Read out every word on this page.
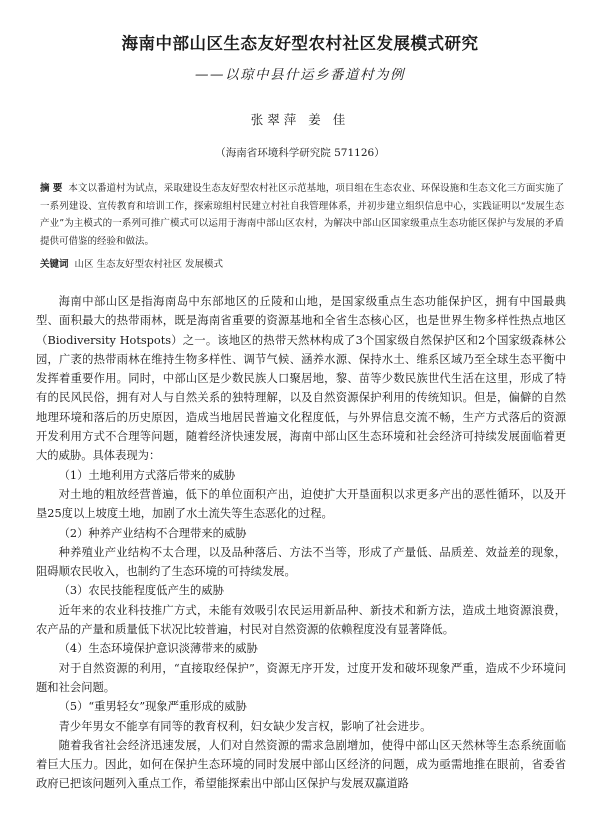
海南中部山区生态友好型农村社区发展模式研究
——以琼中县什运乡番道村为例
张翠萍 姜 佳
（海南省环境科学研究院 571126）
摘 要 本文以番道村为试点，采取建设生态友好型农村社区示范基地，项目组在生态农业、环保设施和生态文化三方面实施了一系列建设、宣传教育和培训工作，探索琼组村民建立村社自我管理体系，并初步建立组织信息中心，实践证明以“发展生态产业”为主模式的一系列可推广模式可以运用于海南中部山区农村，为解决中部山区国家级重点生态功能区保护与发展的矛盾提供可借鉴的经验和做法。
关键词 山区 生态友好型农村社区 发展模式

海南中部山区是指海南岛中东部地区的丘陵和山地，是国家级重点生态功能保护区，拥有中国最典型、面积最大的热带雨林，既是海南省重要的资源基地和全省生态核心区，也是世界生物多样性热点地区（Biodiversity Hotspots）之一。该地区的热带天然林构成了3个国家级自然保护区和2个国家级森林公园，广袤的热带雨林在维持生物多样性、调节气候、涵养水源、保持水土、维系区域乃至全球生态平衡中发挥着重要作用。同时，中部山区是少数民族人口聚居地，黎、苗等少数民族世代生活在这里，形成了特有的民风民俗，拥有对人与自然关系的独特理解，以及自然资源保护利用的传统知识。但是，偏僻的自然地理环境和落后的历史原因，造成当地居民普遍文化程度低，与外界信息交流不畅，生产方式落后的资源开发利用方式不合理等问题，随着经济快速发展，海南中部山区生态环境和社会经济可持续发展面临着更大的威胁。具体表现为：

（1）土地利用方式落后带来的威胁

对土地的粗放经营普遍，低下的单位面积产出，迫使扩大开垦面积以求更多产出的恶性循环，以及开垦25度以上坡度土地，加剧了水土流失等生态恶化的过程。

（2）种养产业结构不合理带来的威胁

种养殖业产业结构不太合理，以及品种落后、方法不当等，形成了产量低、品质差、效益差的现象，阻碍顺农民收入，也制约了生态环境的可持续发展。

（3）农民技能程度低产生的威胁

近年来的农业科技推广方式，未能有效吸引农民运用新品种、新技术和新方法，造成土地资源浪费，农产品的产量和质量低下状况比较普遍，村民对自然资源的依赖程度没有显著降低。

（4）生态环境保护意识淡薄带来的威胁

对于自然资源的利用，“直接取经保护”，资源无序开发，过度开发和破坏现象严重，造成不少环境问题和社会问题。

（5）“重男轻女”现象严重形成的威胁

青少年男女不能享有同等的教育权利，妇女缺少发言权，影响了社会进步。

随着我省社会经济迅速发展，人们对自然资源的需求急剧增加，使得中部山区天然林等生态系统面临着巨大压力。因此，如何在保护生态环境的同时发展中部山区经济的问题，成为亟需地推在眼前，省委省政府已把该问题列入重点工作，希望能探索出中部山区保护与发展双赢道路
